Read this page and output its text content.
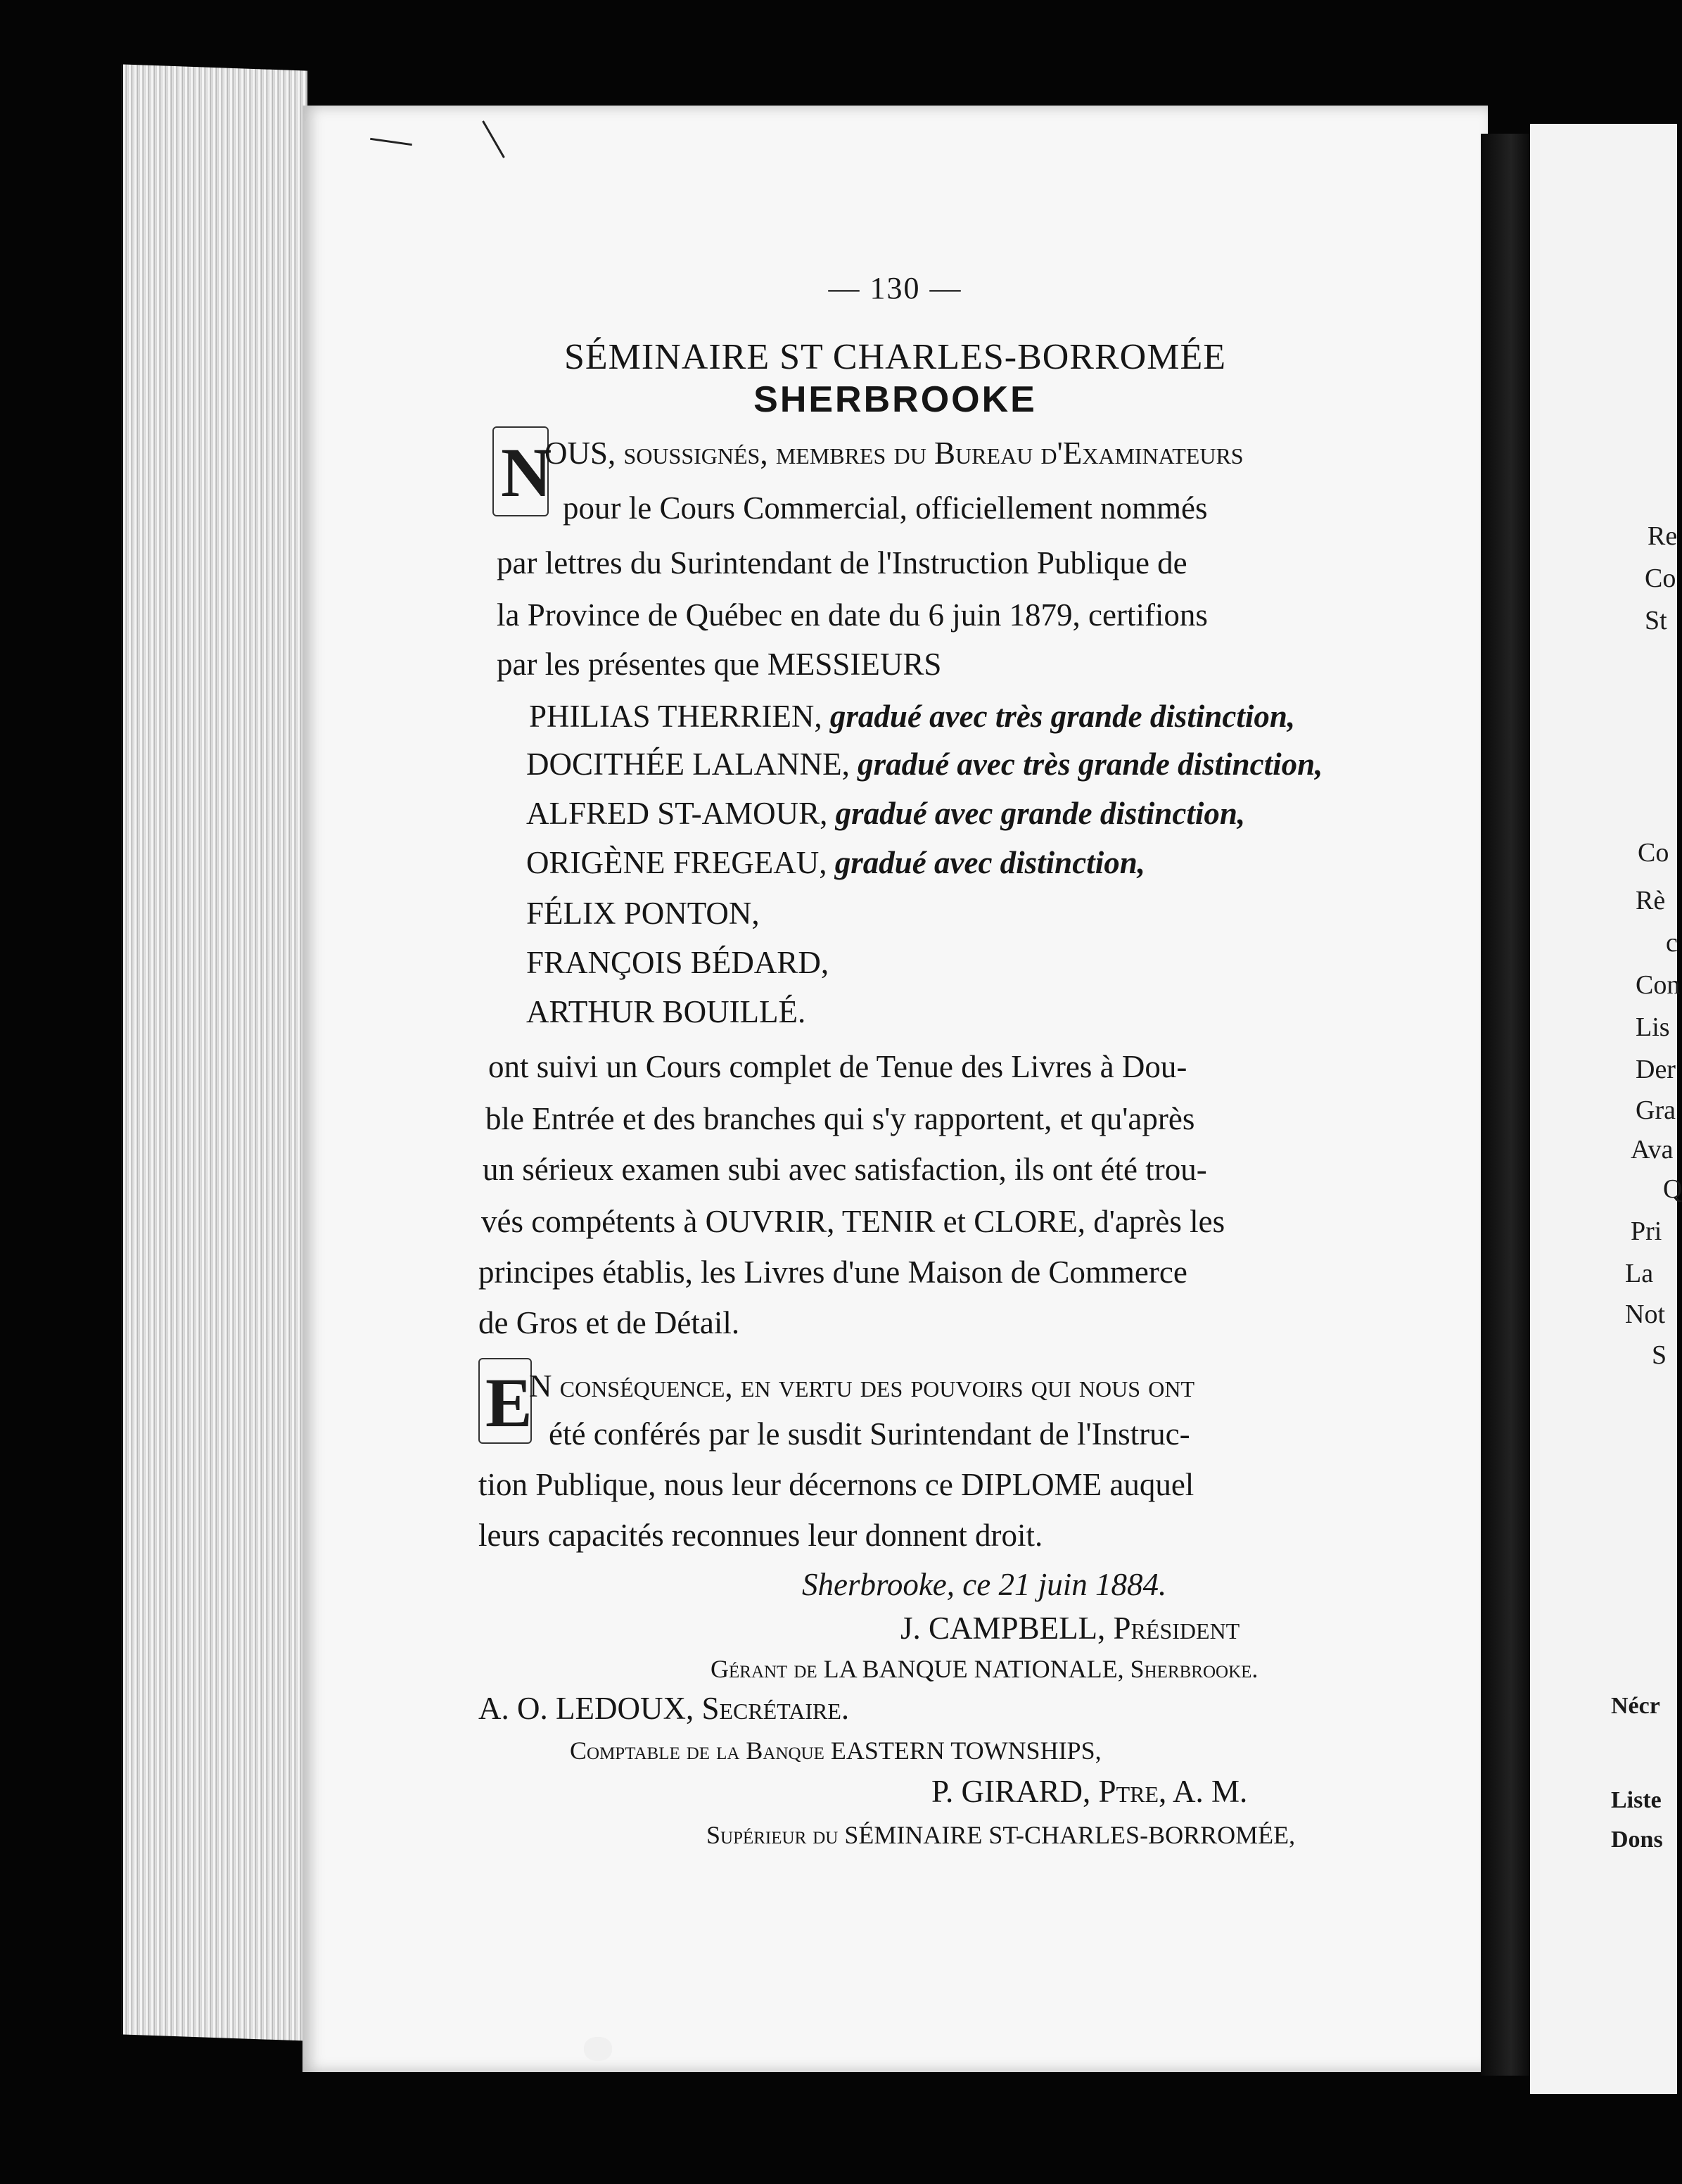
Re
Co
St
Co
Rè
c
Con
Lis
Der
Gra
Ava
Q
Pri
La
Not
S
Nécr
Liste
Dons
— 130 —
SÉMINAIRE ST CHARLES-BORROMÉE
SHERBROOKE
N
OUS, soussignés, membres du Bureau d'Examinateurs
pour le Cours Commercial, officiellement nommés
par lettres du Surintendant de l'Instruction Publique de
la Province de Québec en date du 6 juin 1879, certifions
par les présentes que MESSIEURS
PHILIAS THERRIEN, gradué avec très grande distinction,
DOCITHÉE LALANNE, gradué avec très grande distinction,
ALFRED ST-AMOUR, gradué avec grande distinction,
ORIGÈNE FREGEAU, gradué avec distinction,
FÉLIX PONTON,
FRANÇOIS BÉDARD,
ARTHUR BOUILLÉ.
ont suivi un Cours complet de Tenue des Livres à Dou-
ble Entrée et des branches qui s'y rapportent, et qu'après
un sérieux examen subi avec satisfaction, ils ont été trou-
vés compétents à OUVRIR, TENIR et CLORE, d'après les
principes établis, les Livres d'une Maison de Commerce
de Gros et de Détail.
E
N conséquence, en vertu des pouvoirs qui nous ont
été conférés par le susdit Surintendant de l'Instruc-
tion Publique, nous leur décernons ce DIPLOME auquel
leurs capacités reconnues leur donnent droit.
Sherbrooke, ce 21 juin 1884.
J. CAMPBELL, Président
Gérant de LA BANQUE NATIONALE, Sherbrooke.
A. O. LEDOUX, Secrétaire.
Comptable de la Banque EASTERN TOWNSHIPS,
P. GIRARD, Ptre, A. M.
Supérieur du SÉMINAIRE ST-CHARLES-BORROMÉE,
